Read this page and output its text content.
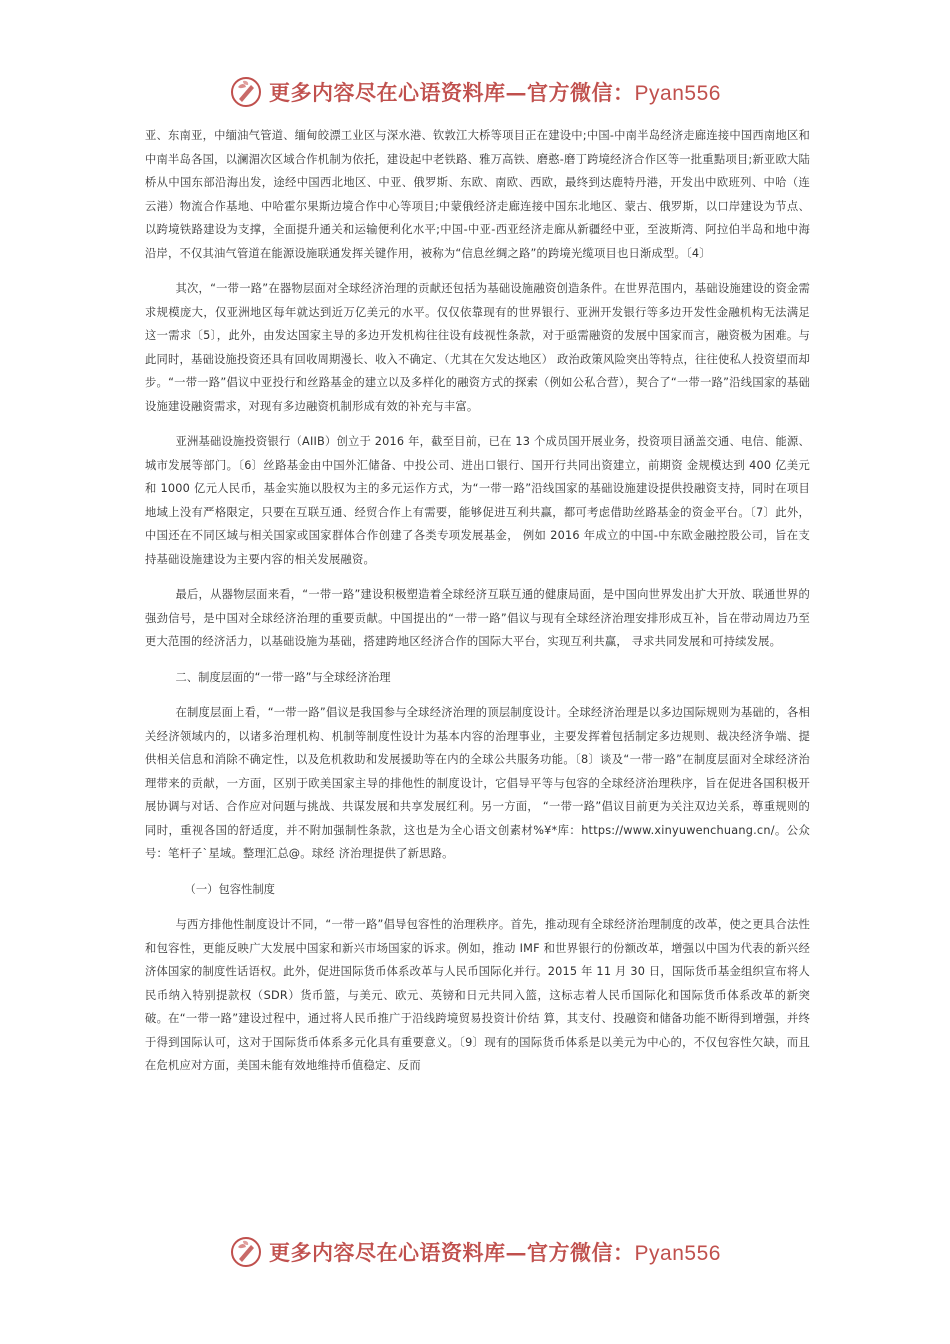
更多内容尽在心语资料库—官方微信：Pyan556

亚、东南亚，中缅油气管道、缅甸皎漂工业区与深水港、钦敦江大桥等项目正在建设中;中国-中南半岛经济走廊连接中国西南地区和中南半岛各国，以澜湄次区域合作机制为依托，建设起中老铁路、雅万高铁、磨憨-磨丁跨境经济合作区等一批重點项目;新亚欧大陆桥从中国东部沿海出发，途经中国西北地区、中亚、俄罗斯、东欧、南欧、西欧，最终到达鹿特丹港，开发出中欧班列、中哈（连云港）物流合作基地、中哈霍尔果斯边境合作中心等项目;中蒙俄经济走廊连接中国东北地区、蒙古、俄罗斯，以口岸建设为节点、以跨境铁路建设为支撑，全面提升通关和运输便利化水平;中国-中亚-西亚经济走廊从新疆经中亚，至波斯湾、阿拉伯半岛和地中海沿岸，不仅其油气管道在能源设施联通发挥关键作用，被称为“信息丝绸之路”的跨境光缆项目也日渐成型。〔4〕

其次，“一带一路”在器物层面对全球经济治理的贡献还包括为基础设施融资创造条件。在世界范围内，基础设施建设的资金需求规模庞大，仅亚洲地区每年就达到近万亿美元的水平。仅仅依靠现有的世界银行、亚洲开发银行等多边开发性金融机构无法满足这一需求〔5〕，此外，由发达国家主导的多边开发机构往往设有歧视性条款，对于亟需融资的发展中国家而言，融资极为困难。与此同时，基础设施投资还具有回收周期漫长、收入不确定、（尤其在欠发达地区） 政治政策风险突出等特点，往往使私人投资望而却步。“一带一路”倡议中亚投行和丝路基金的建立以及多样化的融资方式的探索（例如公私合营），契合了“一带一路”沿线国家的基础设施建设融资需求，对现有多边融资机制形成有效的补充与丰富。

亚洲基础设施投资银行（AIIB）创立于 2016 年，截至目前，已在 13 个成员国开展业务，投资项目涵盖交通、电信、能源、城市发展等部门。〔6〕丝路基金由中国外汇储备、中投公司、进出口银行、国开行共同出资建立，前期资 金规模达到 400 亿美元和 1000 亿元人民币，基金实施以股权为主的多元运作方式，为“一带一路”沿线国家的基础设施建设提供投融资支持，同时在项目地域上没有严格限定，只要在互联互通、经贸合作上有需要，能够促进互利共赢，都可考虑借助丝路基金的资金平台。〔7〕此外，中国还在不同区域与相关国家或国家群体合作创建了各类专项发展基金， 例如 2016 年成立的中国-中东欧金融控股公司，旨在支持基础设施建设为主要内容的相关发展融资。

最后，从器物层面来看，“一带一路”建设积极塑造着全球经济互联互通的健康局面，是中国向世界发出扩大开放、联通世界的强劲信号，是中国对全球经济治理的重要贡献。中国提出的“一带一路”倡议与现有全球经济治理安排形成互补，旨在带动周边乃至更大范围的经济活力，以基础设施为基础，搭建跨地区经济合作的国际大平台，实现互利共赢， 寻求共同发展和可持续发展。

二、制度层面的“一带一路”与全球经济治理

在制度层面上看，“一带一路”倡议是我国参与全球经济治理的顶层制度设计。全球经济治理是以多边国际规则为基础的，各相关经济领域内的，以诸多治理机构、机制等制度性设计为基本内容的治理事业，主要发挥着包括制定多边规则、裁决经济争端、提供相关信息和消除不确定性，以及危机救助和发展援助等在内的全球公共服务功能。〔8〕谈及“一带一路”在制度层面对全球经济治理带来的贡献，一方面，区别于欧美国家主导的排他性的制度设计，它倡导平等与包容的全球经济治理秩序，旨在促进各国积极开展协调与对话、合作应对问题与挑战、共谋发展和共享发展红利。另一方面， “一带一路”倡议目前更为关注双边关系，尊重规则的同时，重视各国的舒适度，并不附加强制性条款，这也是为全心语文创素材%¥*库：https://www.xinyuwenchuang.cn/。公众号：笔杆子`星域。整理汇总@。球经 济治理提供了新思路。

（一）包容性制度

与西方排他性制度设计不同，“一带一路”倡导包容性的治理秩序。首先，推动现有全球经济治理制度的改革，使之更具合法性和包容性，更能反映广大发展中国家和新兴市场国家的诉求。例如，推动 IMF 和世界银行的份额改革，增强以中国为代表的新兴经济体国家的制度性话语权。此外，促进国际货币体系改革与人民币国际化并行。2015 年 11 月 30 日，国际货币基金组织宣布将人民币纳入特别提款权（SDR）货币篮，与美元、欧元、英镑和日元共同入篮，这标志着人民币国际化和国际货币体系改革的新突破。在“一带一路”建设过程中，通过将人民币推广于沿线跨境贸易投资计价结 算，其支付、投融资和储备功能不断得到增强，并终于得到国际认可，这对于国际货币体系多元化具有重要意义。〔9〕现有的国际货币体系是以美元为中心的，不仅包容性欠缺，而且在危机应对方面，美国未能有效地维持币值稳定、反而

更多内容尽在心语资料库—官方微信：Pyan556
